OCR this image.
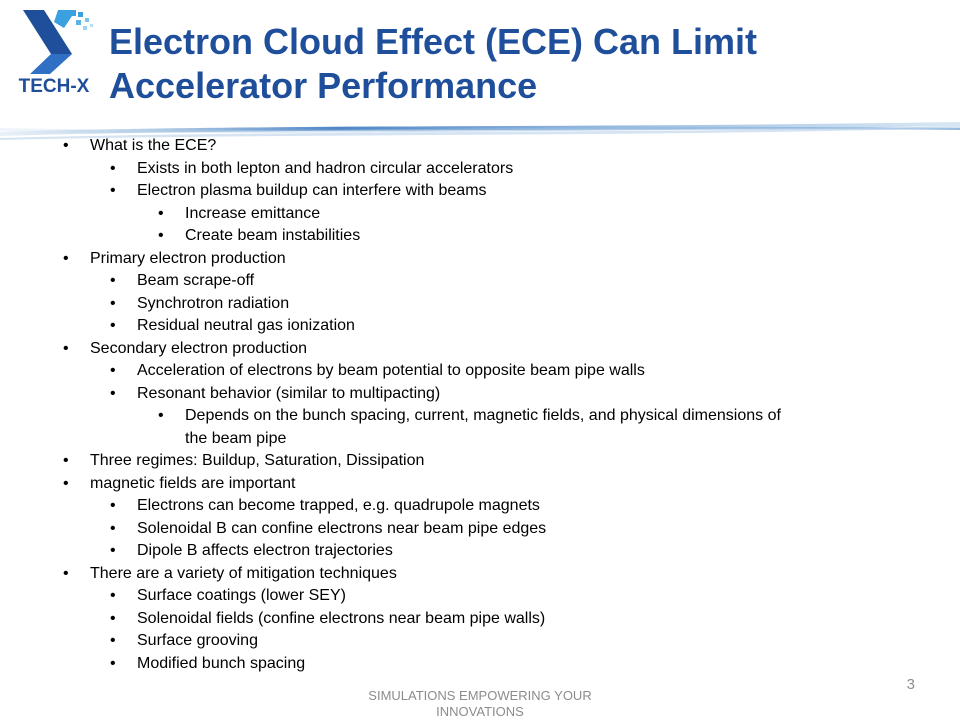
TECH-X
Electron Cloud Effect (ECE) Can Limit
Accelerator Performance
• What is the ECE?
• Exists in both lepton and hadron circular accelerators
• Electron plasma buildup can interfere with beams
• Increase emittance
• Create beam instabilities
• Primary electron production
• Beam scrape-off
• Synchrotron radiation
• Residual neutral gas ionization
• Secondary electron production
• Acceleration of electrons by beam potential to opposite beam pipe walls
• Resonant behavior (similar to multipacting)
• Depends on the bunch spacing, current, magnetic fields, and physical dimensions of
the beam pipe
• Three regimes: Buildup, Saturation, Dissipation
• magnetic fields are important
• Electrons can become trapped, e.g. quadrupole magnets
• Solenoidal B can confine electrons near beam pipe edges
• Dipole B affects electron trajectories
• There are a variety of mitigation techniques
• Surface coatings (lower SEY)
• Solenoidal fields (confine electrons near beam pipe walls)
• Surface grooving
• Modified bunch spacing
SIMULATIONS EMPOWERING YOUR
INNOVATIONS
3
